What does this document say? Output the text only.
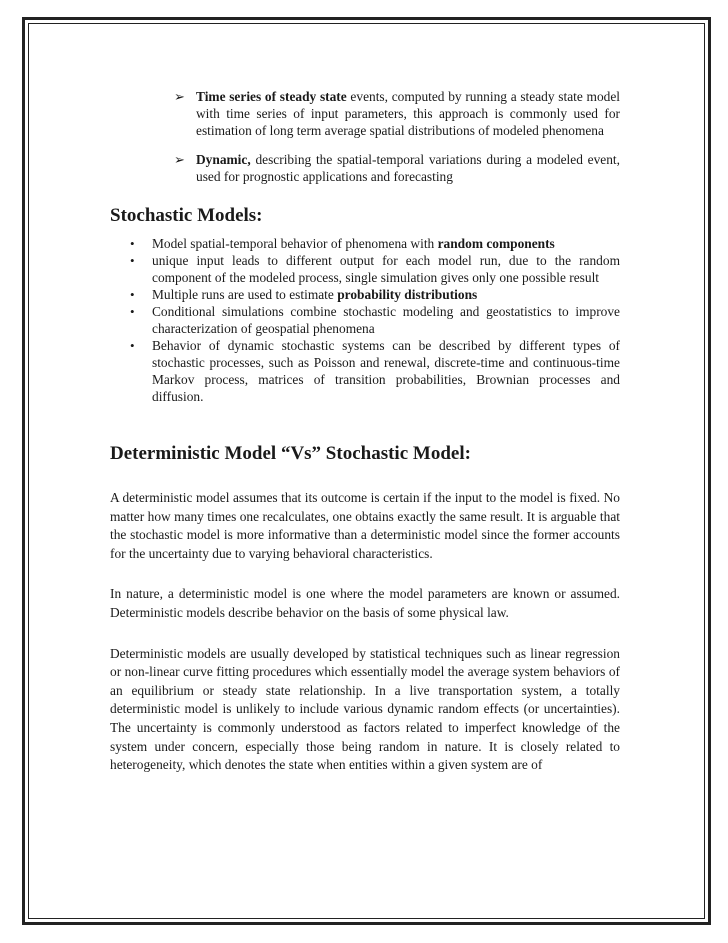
➢ Time series of steady state events, computed by running a steady state model with time series of input parameters, this approach is commonly used for estimation of long term average spatial distributions of modeled phenomena
➢ Dynamic, describing the spatial-temporal variations during a modeled event, used for prognostic applications and forecasting
Stochastic Models:
• Model spatial-temporal behavior of phenomena with random components
• unique input leads to different output for each model run, due to the random component of the modeled process, single simulation gives only one possible result
• Multiple runs are used to estimate probability distributions
• Conditional simulations combine stochastic modeling and geostatistics to improve characterization of geospatial phenomena
• Behavior of dynamic stochastic systems can be described by different types of stochastic processes, such as Poisson and renewal, discrete-time and continuous-time Markov process, matrices of transition probabilities, Brownian processes and diffusion.
Deterministic Model “Vs” Stochastic Model:

A deterministic model assumes that its outcome is certain if the input to the model is fixed. No matter how many times one recalculates, one obtains exactly the same result. It is arguable that the stochastic model is more informative than a deterministic model since the former accounts for the uncertainty due to varying behavioral characteristics.

In nature, a deterministic model is one where the model parameters are known or assumed. Deterministic models describe behavior on the basis of some physical law.

Deterministic models are usually developed by statistical techniques such as linear regression or non-linear curve fitting procedures which essentially model the average system behaviors of an equilibrium or steady state relationship. In a live transportation system, a totally deterministic model is unlikely to include various dynamic random effects (or uncertainties). The uncertainty is commonly understood as factors related to imperfect knowledge of the system under concern, especially those being random in nature. It is closely related to heterogeneity, which denotes the state when entities within a given system are of
